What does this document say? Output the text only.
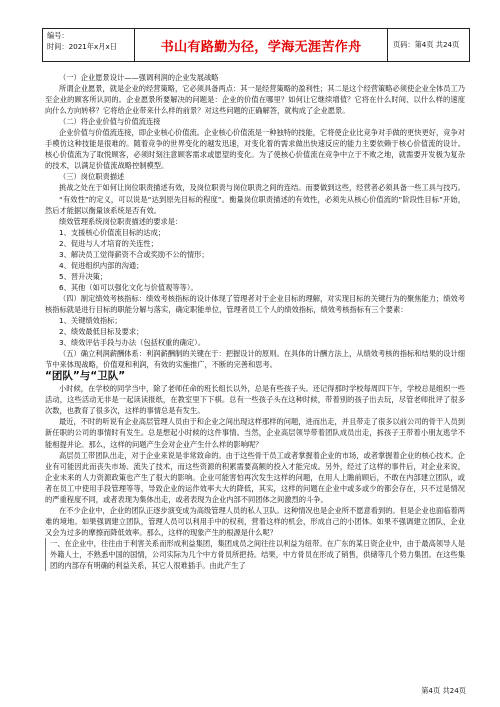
编号：
时间：2021年x月x日	书山有路勤为径，学海无涯苦作舟	页码：第4页 共24页

（一）企业愿景设计——强调利润的企业发展战略

所谓企业愿景，就是企业的经营策略，它必须具备两点：其一是经营策略的盈利性；其二是这个经营策略必须使企业全体员工乃至企业的顾客所认同的。企业愿景所要解决的问题是：企业的价值在哪里？如何让它继续增值？它将在什么时间、以什么样的速度向什么方向转移？它将给企业带来什么样的前景？对这些问题的正确解答，就构成了企业愿景。

（二）将企业价值与价值流连接

企业价值与价值流连接，即企业核心价值流。企业核心价值流是一种独特的技能，它将使企业比竞争对手做的更快更好，竞争对手模仿这种技能是很难的。随着竞争的世界变化的越发迅速，对变化着的需求做出快速反应的能力主要依赖于核心价值流的设计。核心价值流为了取悦顾客，必须时刻注意顾客需求或愿望的变化。为了使核心价值流在竞争中立于不败之地，就需要开发极为复杂的技术，以满足价值流战略控制模型。

（三）岗位职责描述

挑战之处在于如何让岗位职责描述有效，及岗位职责与岗位职责之间的连结。而要做到这些，经营者必须具备一些工具与技巧。

“有效性”的定义，可以说是“达到原先目标的程度”。衡量岗位职责描述的有效性，必须先从核心价值流的“阶段性目标”开始，然后才能据以衡量该系统是否有效。

绩效管理系统岗位职责描述的要求是：

1、支援核心价值流目标的达成；

2、促进与人才培育的关连性；

3、解决员工觉得薪资不合或奖励不公的情形；

4、促进组织内部的沟通；

5、晋升决策；

6、其他（如可以强化文化与价值观等等）。

（四）制定绩效考核指标：绩效考核指标的设计体现了管理者对于企业目标的理解，对实现目标的关键行为的聚焦能力；绩效考核指标就是进行目标的职能分解与落实，确定职能单位，管理者员工个人的绩效指标，绩效考核指标有三个要素：

1、关键绩效指标；

2、绩效最低目标及要求；

3、绩效评估手段与办法（包括权重的确定）。

（五）确立利润薪酬体系：利润薪酬制的关键在于：把握设计的原则。在具体的计酬方法上，从绩效考核的指标和结果的设计细节中来体现战略，价值观和利润，有效的实施推广，不断的完善和思考。

“团队”与“卫队”

小时候，在学校的同学当中，除了老师任命的班长组长以外，总是有些孩子头。还记得那时学校每周四下午，学校总是组织一些活动，这些活动无非是一起读读报纸，在教室里下下棋。总有一些孩子头在这种时候，带着别的孩子出去玩，尽管老师批评了很多次数，也教育了很多次，这样的事情总是有发生。

最近，不时的听说有企业高层管理人员由于和企业之间出现这样那样的问题，进而出走，并且带走了很多以前公司的骨干人员到新任职的公司的事情时有发生。总是想起小时候的这件事情。当然，企业高层领导带着团队成员出走，拆孩子王带着小朋友逃学不能相提并论。那么，这样的问题产生会对企业产生什么样的影响呢？

高层员工带团队出走，对于企业来说是非常致命的。由于这些骨干员工或者掌握着企业的市场，或者掌握着企业的核心技术。企业有可能因此而丧失市场、流失了技术，而这些资源的积累需要高额的投入才能完成。另外，经过了这样的事件后，对企业来说，企业未来的人力资源政策也产生了很大的影响。企业可能害怕再次发生这样的问题，在用人上瞻前顾后，不敢在内部建立团队，或者在员工中使用手段管理等等，导致企业的运作效率大大的降低，其实，这样的问题在企业中或多或少的都会存在，只不过是情况的严重程度不同，或者表现为集体出走，或者表现为企业内部不同团体之间激烈的斗争。

在不少企业中，企业的团队正逐步演变成为高级管理人员的私人卫队。这种情况也是企业所不愿意看到的。但是企业也面临着两难的境地。如果强调建立团队，管理人员可以利用手中的权利，营着这样的机会，形成自己的小团体。如果不强调建立团队，企业又会为过多的摩擦而降低效率。那么，这样的现象产生的根源是什么呢？

一、在企业中，往往由于利害关系而形成利益集团，集团成员之间往往以利益为纽带。在广东的某日资企业中，由于最高领导人是外籍人士，不熟悉中国的国情，公司实际为几个中方骨员所把持。结果，中方骨员在形成了销售，供储等几个势力集团。在这些集团的内部存有明确的利益关系，其它人很难插手。由此产生了

第4页 共24页
